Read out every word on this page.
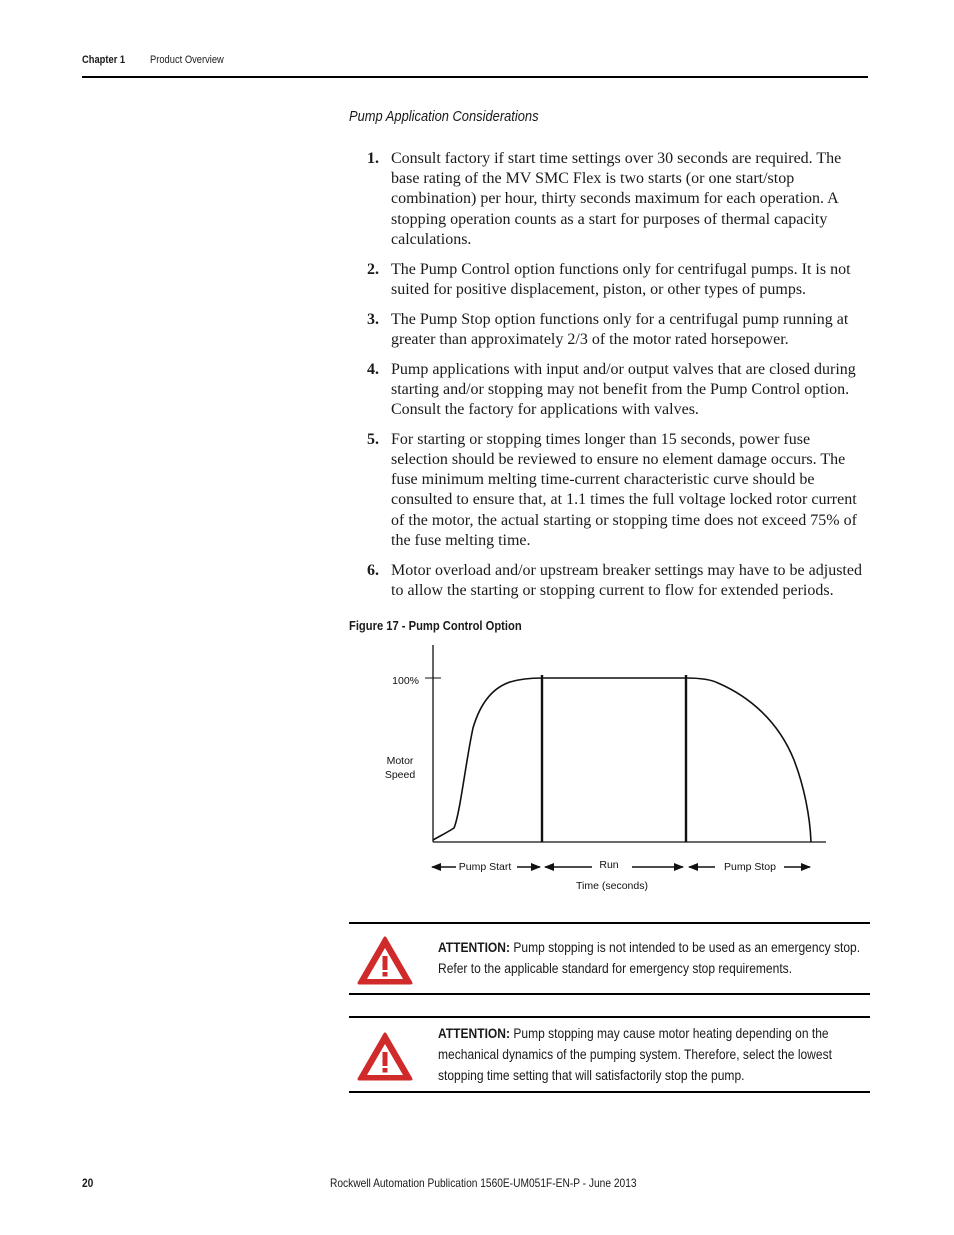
Chapter 1 Product Overview
Pump Application Considerations
1. Consult factory if start time settings over 30 seconds are required. The base rating of the MV SMC Flex is two starts (or one start/stop combination) per hour, thirty seconds maximum for each operation. A stopping operation counts as a start for purposes of thermal capacity calculations.
2. The Pump Control option functions only for centrifugal pumps. It is not suited for positive displacement, piston, or other types of pumps.
3. The Pump Stop option functions only for a centrifugal pump running at greater than approximately 2/3 of the motor rated horsepower.
4. Pump applications with input and/or output valves that are closed during starting and/or stopping may not benefit from the Pump Control option. Consult the factory for applications with valves.
5. For starting or stopping times longer than 15 seconds, power fuse selection should be reviewed to ensure no element damage occurs. The fuse minimum melting time-current characteristic curve should be consulted to ensure that, at 1.1 times the full voltage locked rotor current of the motor, the actual starting or stopping time does not exceed 75% of the fuse melting time.
6. Motor overload and/or upstream breaker settings may have to be adjusted to allow the starting or stopping current to flow for extended periods.
Figure 17 - Pump Control Option
100%
Motor
Speed
Pump Start	Run	Pump Stop
Time (seconds)
ATTENTION: Pump stopping is not intended to be used as an emergency stop. Refer to the applicable standard for emergency stop requirements.
ATTENTION: Pump stopping may cause motor heating depending on the mechanical dynamics of the pumping system. Therefore, select the lowest stopping time setting that will satisfactorily stop the pump.
20	Rockwell Automation Publication 1560E-UM051F-EN-P - June 2013
